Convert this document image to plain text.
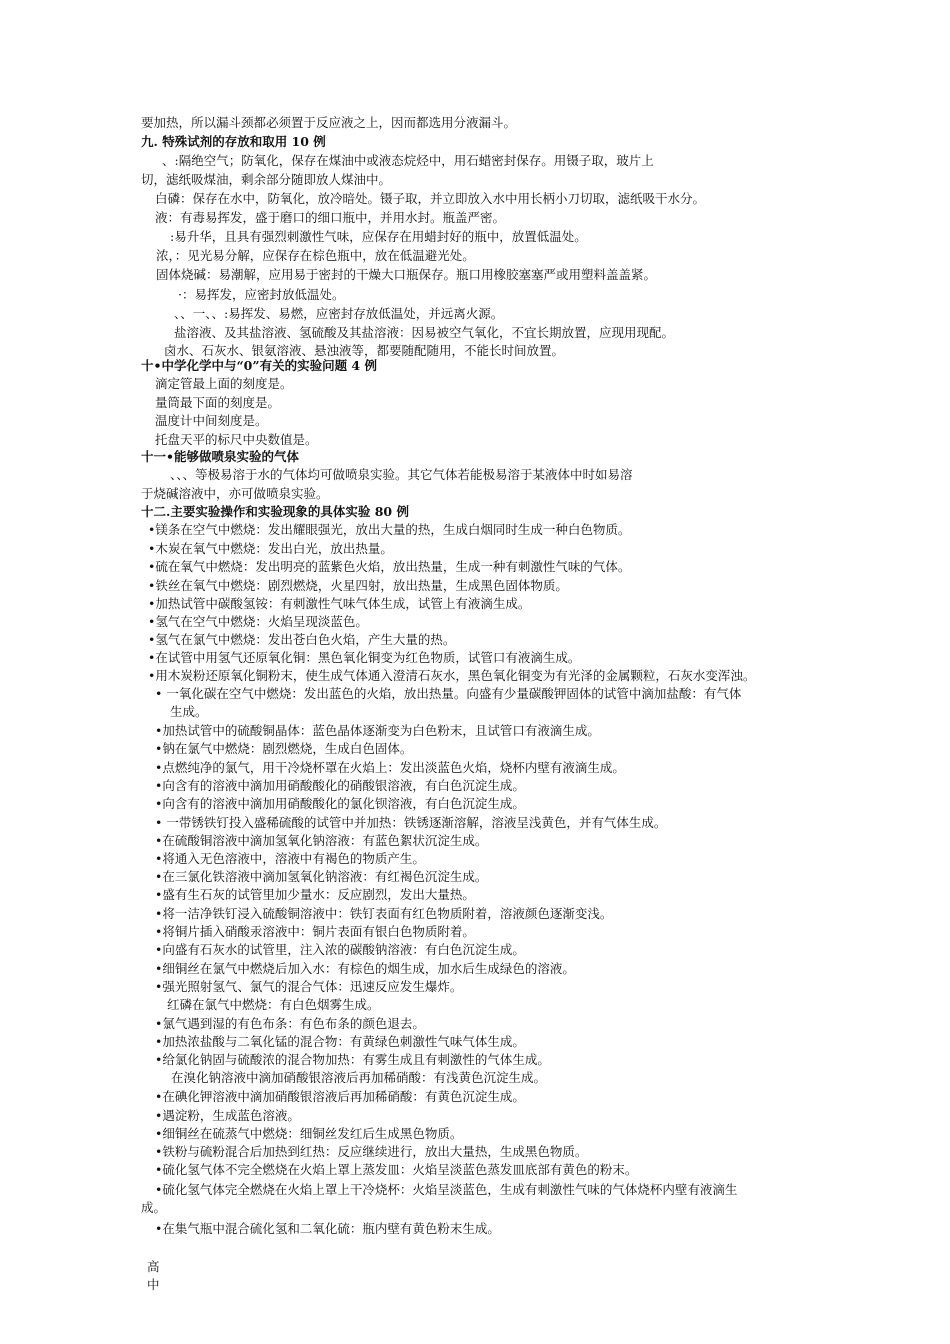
要加热，所以漏斗颈都必须置于反应液之上，因而都选用分液漏斗。
九. 特殊试剂的存放和取用 10 例
、:隔绝空气；防氧化，保存在煤油中或液态烷烃中，用石蜡密封保存。用镊子取，玻片上
切，滤纸吸煤油，剩余部分随即放人煤油中。
白磷：保存在水中，防氧化，放冷暗处。镊子取，并立即放入水中用长柄小刀切取，滤纸吸干水分。
液：有毒易挥发，盛于磨口的细口瓶中，并用水封。瓶盖严密。
:易升华，且具有强烈刺激性气味，应保存在用蜡封好的瓶中，放置低温处。
浓，：见光易分解，应保存在棕色瓶中，放在低温避光处。
固体烧碱：易潮解，应用易于密封的干燥大口瓶保存。瓶口用橡胶塞塞严或用塑料盖盖紧。
·：易挥发，应密封放低温处。
、、一、、:易挥发、易燃，应密封存放低温处，并远离火源。
盐溶液、及其盐溶液、氢硫酸及其盐溶液：因易被空气氧化，不宜长期放置，应现用现配。
卤水、石灰水、银氨溶液、悬浊液等，都要随配随用，不能长时间放置。
十•中学化学中与“0”有关的实验问题 4 例
滴定管最上面的刻度是。
量筒最下面的刻度是。
温度计中间刻度是。
托盘天平的标尺中央数值是。
十一•能够做喷泉实验的气体
、、、等极易溶于水的气体均可做喷泉实验。其它气体若能极易溶于某液体中时如易溶
于烧碱溶液中，亦可做喷泉实验。
十二.主要实验操作和实验现象的具体实验 80 例
•镁条在空气中燃烧：发出耀眼强光，放出大量的热，生成白烟同时生成一种白色物质。
•木炭在氧气中燃烧：发出白光，放出热量。
•硫在氧气中燃烧：发出明亮的蓝紫色火焰，放出热量，生成一种有刺激性气味的气体。
•铁丝在氧气中燃烧：剧烈燃烧，火星四射，放出热量，生成黑色固体物质。
•加热试管中碳酸氢铵：有刺激性气味气体生成，试管上有液滴生成。
•氢气在空气中燃烧：火焰呈现淡蓝色。
•氢气在氯气中燃烧：发出苍白色火焰，产生大量的热。
•在试管中用氢气还原氧化铜：黑色氧化铜变为红色物质，试管口有液滴生成。
•用木炭粉还原氧化铜粉末，使生成气体通入澄清石灰水，黑色氧化铜变为有光泽的金属颗粒，石灰水变浑浊。
• 一氧化碳在空气中燃烧：发出蓝色的火焰，放出热量。向盛有少量碳酸钾固体的试管中滴加盐酸：有气体
生成。
•加热试管中的硫酸铜晶体：蓝色晶体逐渐变为白色粉末，且试管口有液滴生成。
•钠在氯气中燃烧：剧烈燃烧，生成白色固体。
•点燃纯净的氯气，用干冷烧杯罩在火焰上：发出淡蓝色火焰，烧杯内壁有液滴生成。
•向含有的溶液中滴加用硝酸酸化的硝酸银溶液，有白色沉淀生成。
•向含有的溶液中滴加用硝酸酸化的氯化钡溶液，有白色沉淀生成。
• 一带锈铁钉投入盛稀硫酸的试管中并加热：铁锈逐渐溶解，溶液呈浅黄色，并有气体生成。
•在硫酸铜溶液中滴加氢氧化钠溶液：有蓝色絮状沉淀生成。
•将通入无色溶液中，溶液中有褐色的物质产生。
•在三氯化铁溶液中滴加氢氧化钠溶液：有红褐色沉淀生成。
•盛有生石灰的试管里加少量水：反应剧烈，发出大量热。
•将一洁净铁钉浸入硫酸铜溶液中：铁钉表面有红色物质附着，溶液颜色逐渐变浅。
•将铜片插入硝酸汞溶液中：铜片表面有银白色物质附着。
•向盛有石灰水的试管里，注入浓的碳酸钠溶液：有白色沉淀生成。
•细铜丝在氯气中燃烧后加入水：有棕色的烟生成，加水后生成绿色的溶液。
•强光照射氢气、氯气的混合气体：迅速反应发生爆炸。
红磷在氯气中燃烧：有白色烟雾生成。
•氯气遇到湿的有色布条：有色布条的颜色退去。
•加热浓盐酸与二氧化锰的混合物：有黄绿色刺激性气味气体生成。
•给氯化钠固与硫酸浓的混合物加热：有雾生成且有刺激性的气体生成。
在溴化钠溶液中滴加硝酸银溶液后再加稀硝酸：有浅黄色沉淀生成。
•在碘化钾溶液中滴加硝酸银溶液后再加稀硝酸：有黄色沉淀生成。
•遇淀粉，生成蓝色溶液。
•细铜丝在硫蒸气中燃烧：细铜丝发红后生成黑色物质。
•铁粉与硫粉混合后加热到红热：反应继续进行，放出大量热，生成黑色物质。
•硫化氢气体不完全燃烧在火焰上罩上蒸发皿：火焰呈淡蓝色蒸发皿底部有黄色的粉末。
•硫化氢气体完全燃烧在火焰上罩上干冷烧杯：火焰呈淡蓝色，生成有刺激性气味的气体烧杯内壁有液滴生
成。
•在集气瓶中混合硫化氢和二氧化硫：瓶内壁有黄色粉末生成。
高
中
